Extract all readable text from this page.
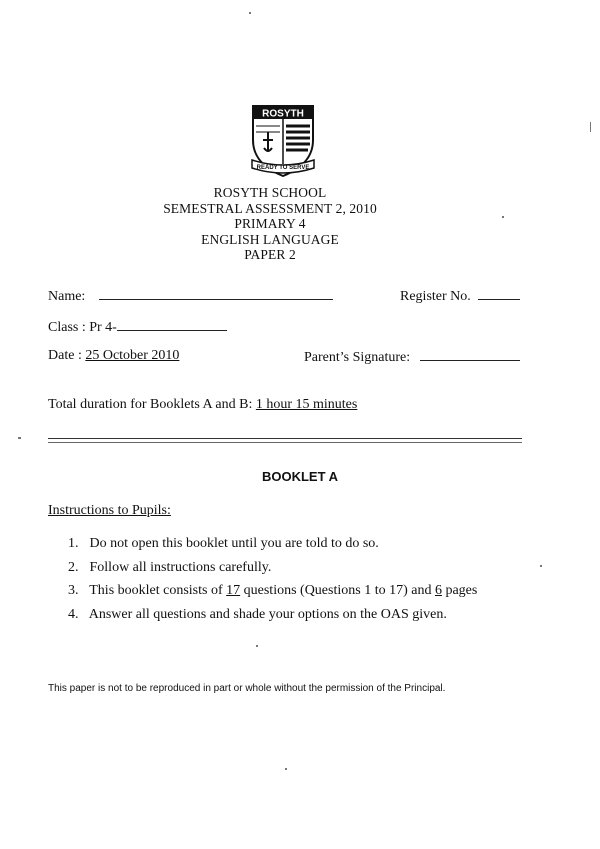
ROSYTH
READY TO SERVE
ROSYTH SCHOOL
SEMESTRAL ASSESSMENT 2, 2010
PRIMARY 4
ENGLISH LANGUAGE
PAPER 2
Name:	Register No.
Class : Pr 4-
Date : 25 October 2010	Parent’s Signature:
Total duration for Booklets A and B: 1 hour 15 minutes
BOOKLET A
Instructions to Pupils:
1. Do not open this booklet until you are told to do so.
2. Follow all instructions carefully.
3. This booklet consists of 17 questions (Questions 1 to 17) and 6 pages
4. Answer all questions and shade your options on the OAS given.
This paper is not to be reproduced in part or whole without the permission of the Principal.
